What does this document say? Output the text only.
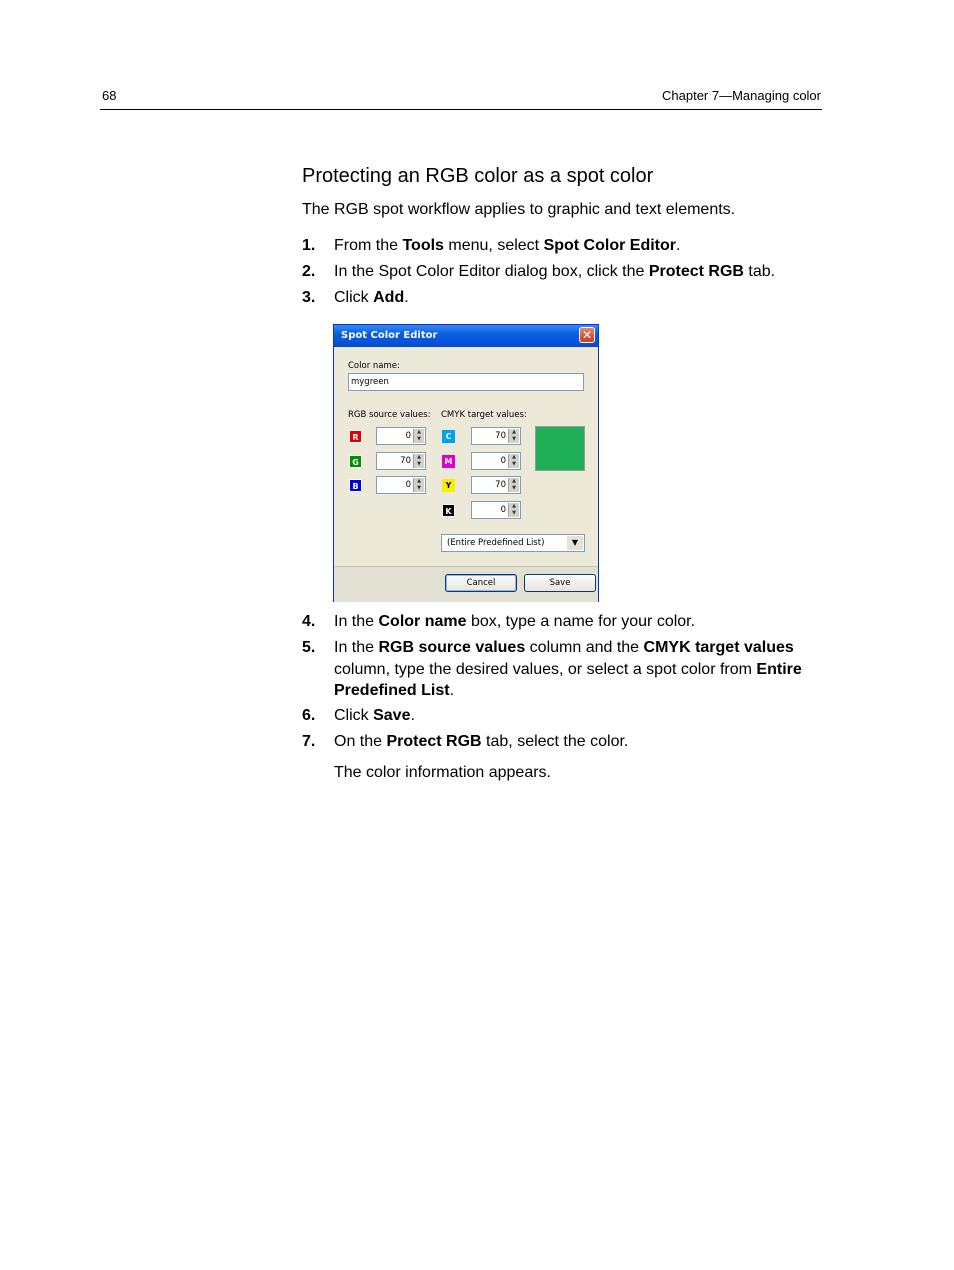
68	Chapter 7—Managing color
Protecting an RGB color as a spot color
The RGB spot workflow applies to graphic and text elements.
1.	From the Tools menu, select Spot Color Editor.
2.	In the Spot Color Editor dialog box, click the Protect RGB tab.
3.	Click Add.
Spot Color Editor	✕
Color name:
mygreen
RGB source values: CMYK target values:
R	0	▲
▼
G	70	▲
▼
B	0	▲
▼
C	70	▲
▼
M	0	▲
▼
Y	70	▲
▼
K	0	▲
▼
(Entire Predefined List)	▼
Cancel	Save
4.	In the Color name box, type a name for your color.
5.	In the RGB source values column and the CMYK target values column, type the desired values, or select a spot color from Entire Predefined List.
6.	Click Save.
7.	On the Protect RGB tab, select the color.
The color information appears.
